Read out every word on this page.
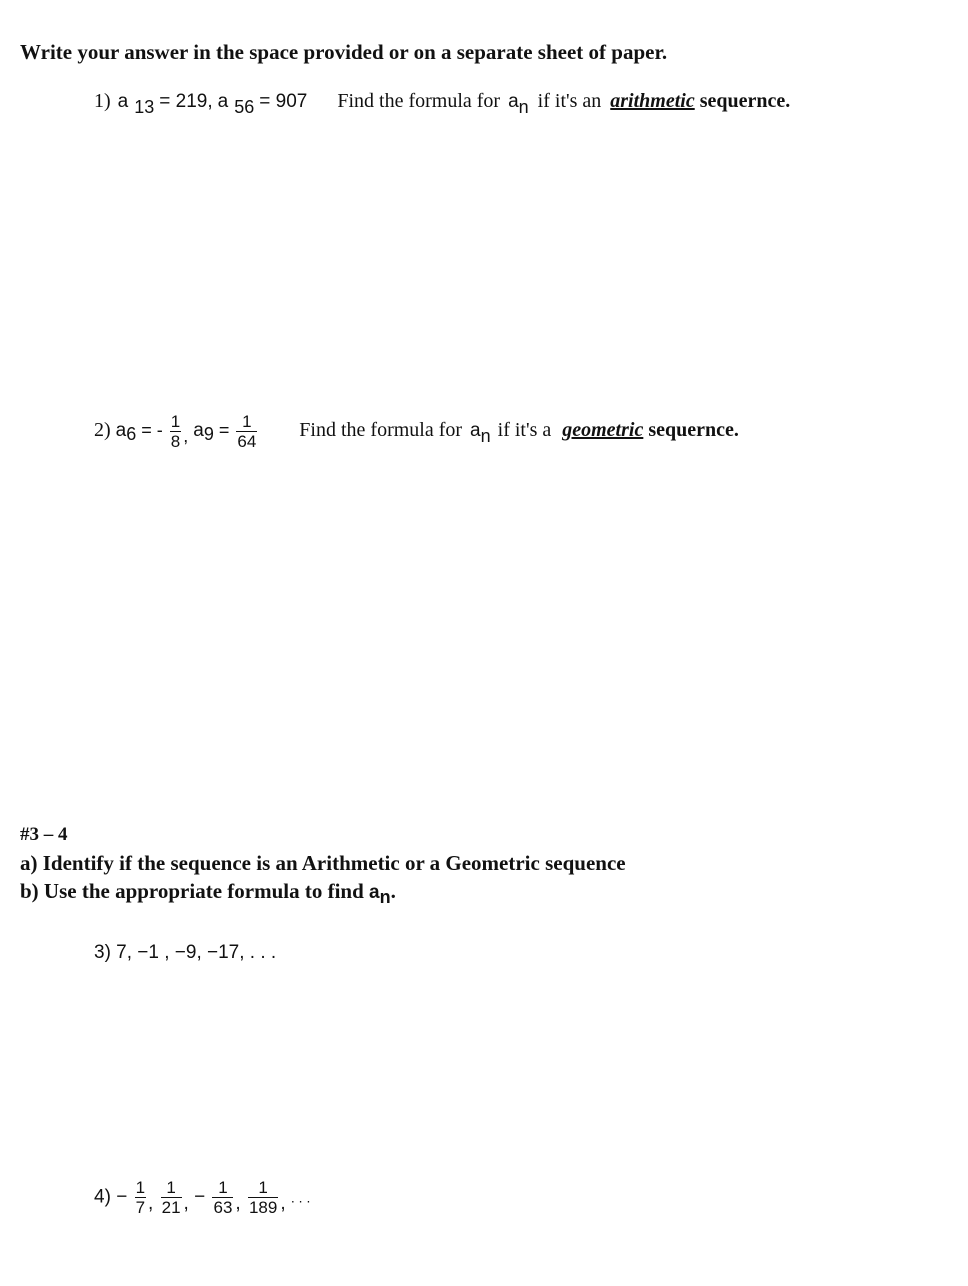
Write your answer in the space provided or on a separate sheet of paper.
1) a 13 = 219, a 56 = 907 Find the formula for an if it's an arithmetic sequernce.
2) a6 = - $\frac{1}{8}$ , $a9 = \frac{1}{64}$ Find the formula for an if it's a geometric sequernce.
#3 – 4
a) Identify if the sequence is an Arithmetic or a Geometric sequence
b) Use the appropriate formula to find an.
3) 7, −1 , −9, −17, . . .
$4) - \frac{1}{7}$ , $\frac{1}{21}$ , − $\frac{1}{63}$ , $\frac{1}{189}$ , . . .
